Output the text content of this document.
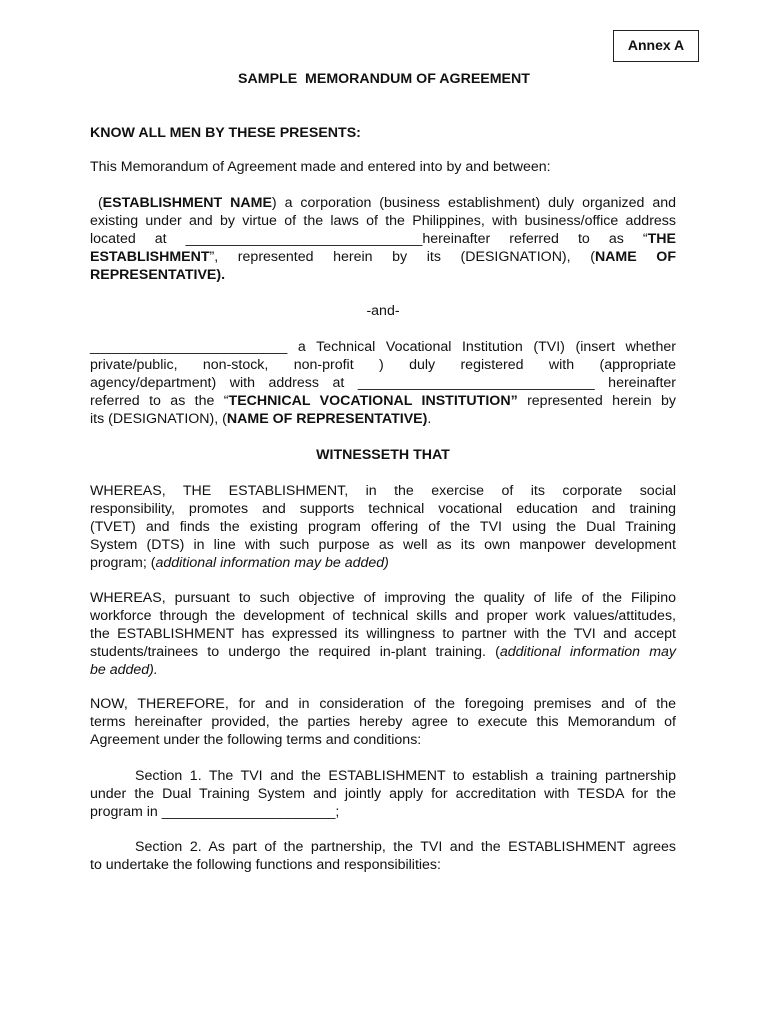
Annex A
SAMPLE  MEMORANDUM OF AGREEMENT
KNOW ALL MEN BY THESE PRESENTS:
This Memorandum of Agreement made and entered into by and between:
(ESTABLISHMENT NAME) a corporation (business establishment) duly organized and
existing under and by virtue of the laws of the Philippines, with business/office address
located at ______________________________hereinafter referred to as “THE
ESTABLISHMENT”, represented herein by its (DESIGNATION), (NAME OF
REPRESENTATIVE).
-and-
_________________________ a Technical Vocational Institution (TVI) (insert whether
private/public, non-stock, non-profit ) duly registered with (appropriate
agency/department) with address at ______________________________ hereinafter
referred to as the “TECHNICAL VOCATIONAL INSTITUTION” represented herein by
its (DESIGNATION), (NAME OF REPRESENTATIVE).
WITNESSETH THAT
WHEREAS, THE ESTABLISHMENT, in the exercise of its corporate social
responsibility, promotes and supports technical vocational education and training
(TVET) and finds the existing program offering of the TVI using the Dual Training
System (DTS) in line with such purpose as well as its own manpower development
program; (additional information may be added)
WHEREAS, pursuant to such objective of improving the quality of life of the Filipino
workforce through the development of technical skills and proper work values/attitudes,
the ESTABLISHMENT has expressed its willingness to partner with the TVI and accept
students/trainees to undergo the required in-plant training. (additional information may
be added).
NOW, THEREFORE, for and in consideration of the foregoing premises and of the
terms hereinafter provided, the parties hereby agree to execute this Memorandum of
Agreement under the following terms and conditions:
Section 1. The TVI and the ESTABLISHMENT to establish a training partnership
under the Dual Training System and jointly apply for accreditation with TESDA for the
program in ______________________;
Section 2. As part of the partnership, the TVI and the ESTABLISHMENT agrees
to undertake the following functions and responsibilities:
